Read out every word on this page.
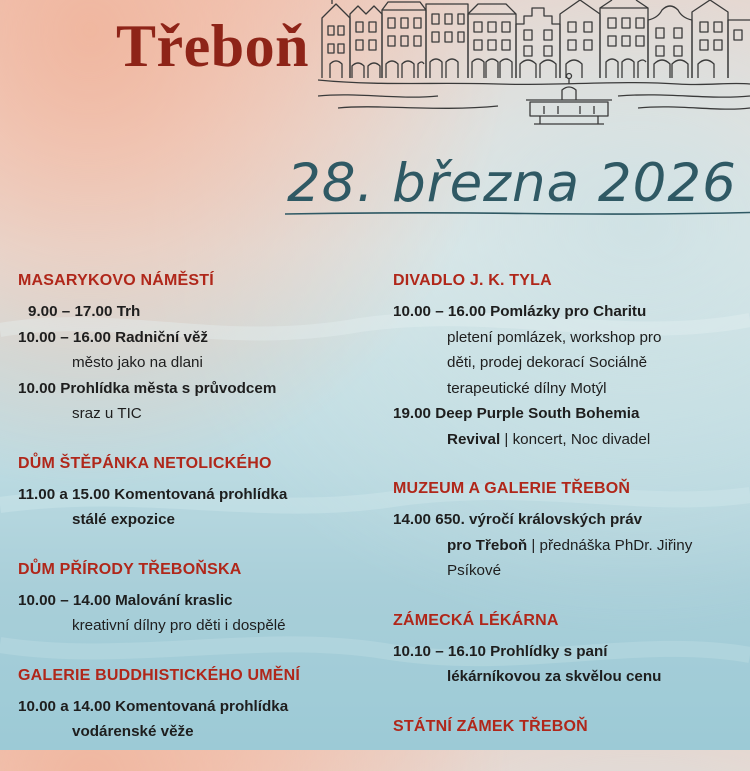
Třeboň
28. března 2026
MASARYKOVO NÁMĚSTÍ
9.00 – 17.00 Trh
10.00 – 16.00 Radniční věž
město jako na dlani
10.00 Prohlídka města s průvodcem
sraz u TIC
DŮM ŠTĚPÁNKA NETOLICKÉHO
11.00 a 15.00 Komentovaná prohlídka
stálé expozice
DŮM PŘÍRODY TŘEBOŇSKA
10.00 – 14.00 Malování kraslic
kreativní dílny pro děti i dospělé
GALERIE BUDDHISTICKÉHO UMĚNÍ
10.00 a 14.00 Komentovaná prohlídka
vodárenské věže
DIVADLO J. K. TYLA
10.00 – 16.00 Pomlázky pro Charitu
pletení pomlázek, workshop pro
děti, prodej dekorací Sociálně
terapeutické dílny Motýl
19.00 Deep Purple South Bohemia
Revival | koncert, Noc divadel
MUZEUM A GALERIE TŘEBOŇ
14.00 650. výročí královských práv
pro Třeboň | přednáška PhDr. Jiřiny
Psíkové
ZÁMECKÁ LÉKÁRNA
10.10 – 16.10 Prohlídky s paní
lékárníkovou za skvělou cenu
STÁTNÍ ZÁMEK TŘEBOŇ
